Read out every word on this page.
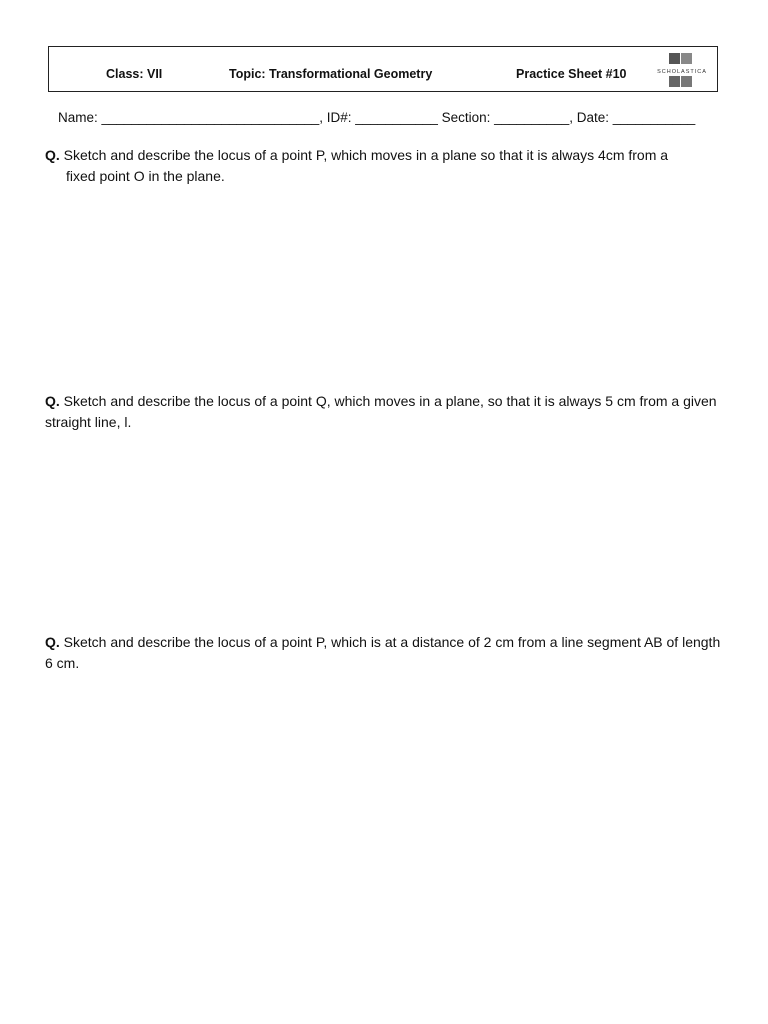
Class: VII	Topic: Transformational Geometry	Practice Sheet #10	SCHOLASTICA
Name: _____________________________, ID#: ___________ Section: __________, Date: ___________
Q. Sketch and describe the locus of a point P, which moves in a plane so that it is always 4cm from a
fixed point O in the plane.
Q. Sketch and describe the locus of a point Q, which moves in a plane, so that it is always 5 cm from a given straight line, l.
Q. Sketch and describe the locus of a point P, which is at a distance of 2 cm from a line segment AB of length 6 cm.
